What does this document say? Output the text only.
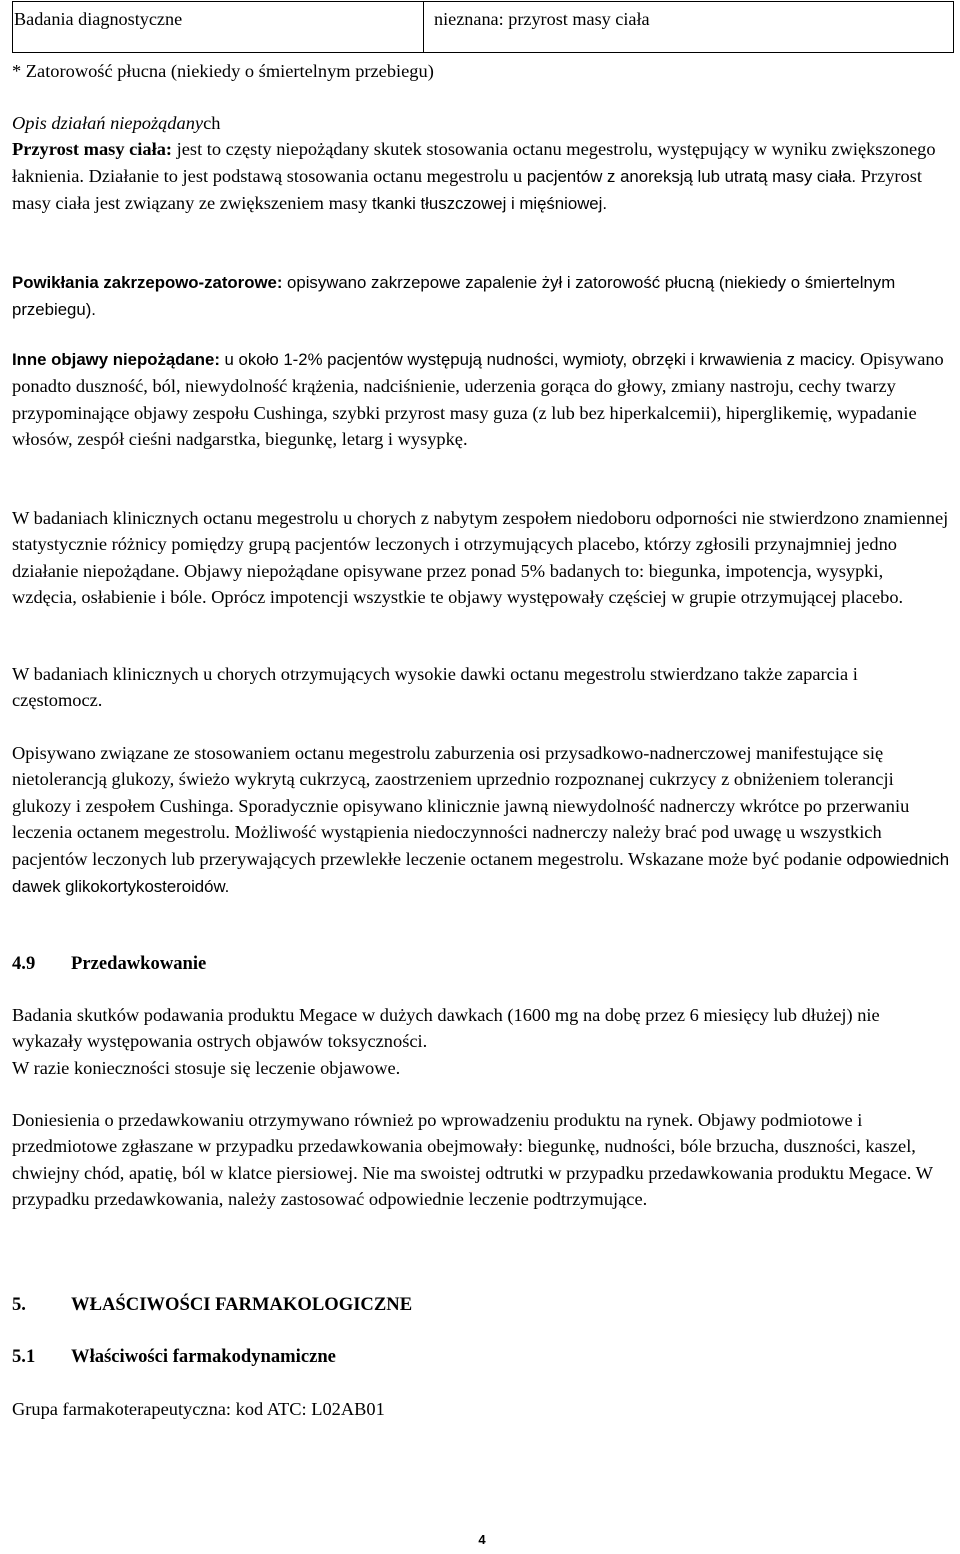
Badania diagnostyczne	nieznana: przyrost masy ciała

* Zatorowość płucna (niekiedy o śmiertelnym przebiegu)

Opis działań niepożądanych

Przyrost masy ciała: jest to częsty niepożądany skutek stosowania octanu megestrolu, występujący w wyniku zwiększonego łaknienia. Działanie to jest podstawą stosowania octanu megestrolu u pacjentów z anoreksją lub utratą masy ciała. Przyrost masy ciała jest związany ze zwiększeniem masy tkanki tłuszczowej i mięśniowej.

Powikłania zakrzepowo-zatorowe: opisywano zakrzepowe zapalenie żył i zatorowość płucną (niekiedy o śmiertelnym przebiegu).

Inne objawy niepożądane: u około 1-2% pacjentów występują nudności, wymioty, obrzęki i krwawienia z macicy. Opisywano ponadto duszność, ból, niewydolność krążenia, nadciśnienie, uderzenia gorąca do głowy, zmiany nastroju, cechy twarzy przypominające objawy zespołu Cushinga, szybki przyrost masy guza (z lub bez hiperkalcemii), hiperglikemię, wypadanie włosów, zespół cieśni nadgarstka, biegunkę, letarg i wysypkę.

W badaniach klinicznych octanu megestrolu u chorych z nabytym zespołem niedoboru odporności nie stwierdzono znamiennej statystycznie różnicy pomiędzy grupą pacjentów leczonych i otrzymujących placebo, którzy zgłosili przynajmniej jedno działanie niepożądane. Objawy niepożądane opisywane przez ponad 5% badanych to: biegunka, impotencja, wysypki, wzdęcia, osłabienie i bóle. Oprócz impotencji wszystkie te objawy występowały częściej w grupie otrzymującej placebo.

W badaniach klinicznych u chorych otrzymujących wysokie dawki octanu megestrolu stwierdzano także zaparcia i częstomocz.

Opisywano związane ze stosowaniem octanu megestrolu zaburzenia osi przysadkowo-nadnerczowej manifestujące się nietolerancją glukozy, świeżo wykrytą cukrzycą, zaostrzeniem uprzednio rozpoznanej cukrzycy z obniżeniem tolerancji glukozy i zespołem Cushinga. Sporadycznie opisywano klinicznie jawną niewydolność nadnerczy wkrótce po przerwaniu leczenia octanem megestrolu. Możliwość wystąpienia niedoczynności nadnerczy należy brać pod uwagę u wszystkich pacjentów leczonych lub przerywających przewlekłe leczenie octanem megestrolu. Wskazane może być podanie odpowiednich dawek glikokortykosteroidów.

4.9 Przedawkowanie

Badania skutków podawania produktu Megace w dużych dawkach (1600 mg na dobę przez 6 miesięcy lub dłużej) nie wykazały występowania ostrych objawów toksyczności.

W razie konieczności stosuje się leczenie objawowe.

Doniesienia o przedawkowaniu otrzymywano również po wprowadzeniu produktu na rynek. Objawy podmiotowe i przedmiotowe zgłaszane w przypadku przedawkowania obejmowały: biegunkę, nudności, bóle brzucha, duszności, kaszel, chwiejny chód, apatię, ból w klatce piersiowej. Nie ma swoistej odtrutki w przypadku przedawkowania produktu Megace. W przypadku przedawkowania, należy zastosować odpowiednie leczenie podtrzymujące.

5. WŁAŚCIWOŚCI FARMAKOLOGICZNE

5.1 Właściwości farmakodynamiczne

Grupa farmakoterapeutyczna: kod ATC: L02AB01

4
